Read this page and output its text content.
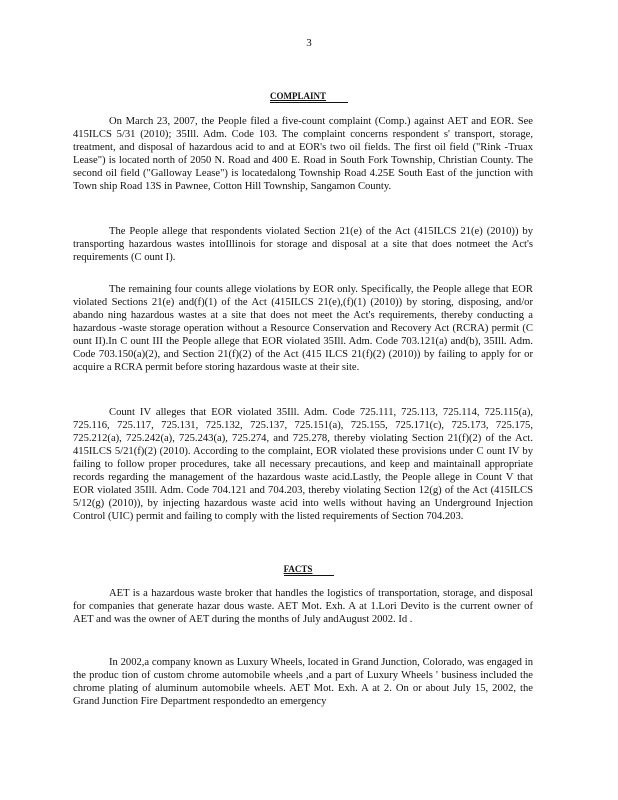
3
COMPLAINT

On March 23, 2007, the People filed a five-count complaint (Comp.) against AET and EOR. See 415ILCS 5/31 (2010); 35Ill. Adm. Code 103. The complaint concerns respondent s' transport, storage, treatment, and disposal of hazardous acid to and at EOR's two oil fields. The first oil field ("Rink -Truax Lease") is located north of 2050 N. Road and 400 E. Road in South Fork Township, Christian County. The second oil field ("Galloway Lease") is locatedalong Township Road 4.25E South East of the junction with Town ship Road 13S in Pawnee, Cotton Hill Township, Sangamon County.

The People allege that respondents violated Section 21(e) of the Act (415ILCS 21(e) (2010)) by transporting hazardous wastes intoIllinois for storage and disposal at a site that does notmeet the Act's requirements (C ount I).

The remaining four counts allege violations by EOR only. Specifically, the People allege that EOR violated Sections 21(e) and(f)(1) of the Act (415ILCS 21(e),(f)(1) (2010)) by storing, disposing, and/or abando ning hazardous wastes at a site that does not meet the Act's requirements, thereby conducting a hazardous -waste storage operation without a Resource Conservation and Recovery Act (RCRA) permit (C ount II).In C ount III the People allege that EOR violated 35Ill. Adm. Code 703.121(a) and(b), 35Ill. Adm. Code 703.150(a)(2), and Section 21(f)(2) of the Act (415 ILCS 21(f)(2) (2010)) by failing to apply for or acquire a RCRA permit before storing hazardous waste at their site.

Count IV alleges that EOR violated 35Ill. Adm. Code 725.111, 725.113, 725.114, 725.115(a), 725.116, 725.117, 725.131, 725.132, 725.137, 725.151(a), 725.155, 725.171(c), 725.173, 725.175, 725.212(a), 725.242(a), 725.243(a), 725.274, and 725.278, thereby violating Section 21(f)(2) of the Act. 415ILCS 5/21(f)(2) (2010). According to the complaint, EOR violated these provisions under C ount IV by failing to follow proper procedures, take all necessary precautions, and keep and maintainall appropriate records regarding the management of the hazardous waste acid.Lastly, the People allege in Count V that EOR violated 35Ill. Adm. Code 704.121 and 704.203, thereby violating Section 12(g) of the Act (415ILCS 5/12(g) (2010)), by injecting hazardous waste acid into wells without having an Underground Injection Control (UIC) permit and failing to comply with the listed requirements of Section 704.203.

FACTS

AET is a hazardous waste broker that handles the logistics of transportation, storage, and disposal for companies that generate hazar dous waste. AET Mot. Exh. A at 1.Lori Devito is the current owner of AET and was the owner of AET during the months of July andAugust 2002. Id .

In 2002,a company known as Luxury Wheels, located in Grand Junction, Colorado, was engaged in the produc tion of custom chrome automobile wheels ,and a part of Luxury Wheels ' business included the chrome plating of aluminum automobile wheels. AET Mot. Exh. A at 2. On or about July 15, 2002, the Grand Junction Fire Department respondedto an emergency
